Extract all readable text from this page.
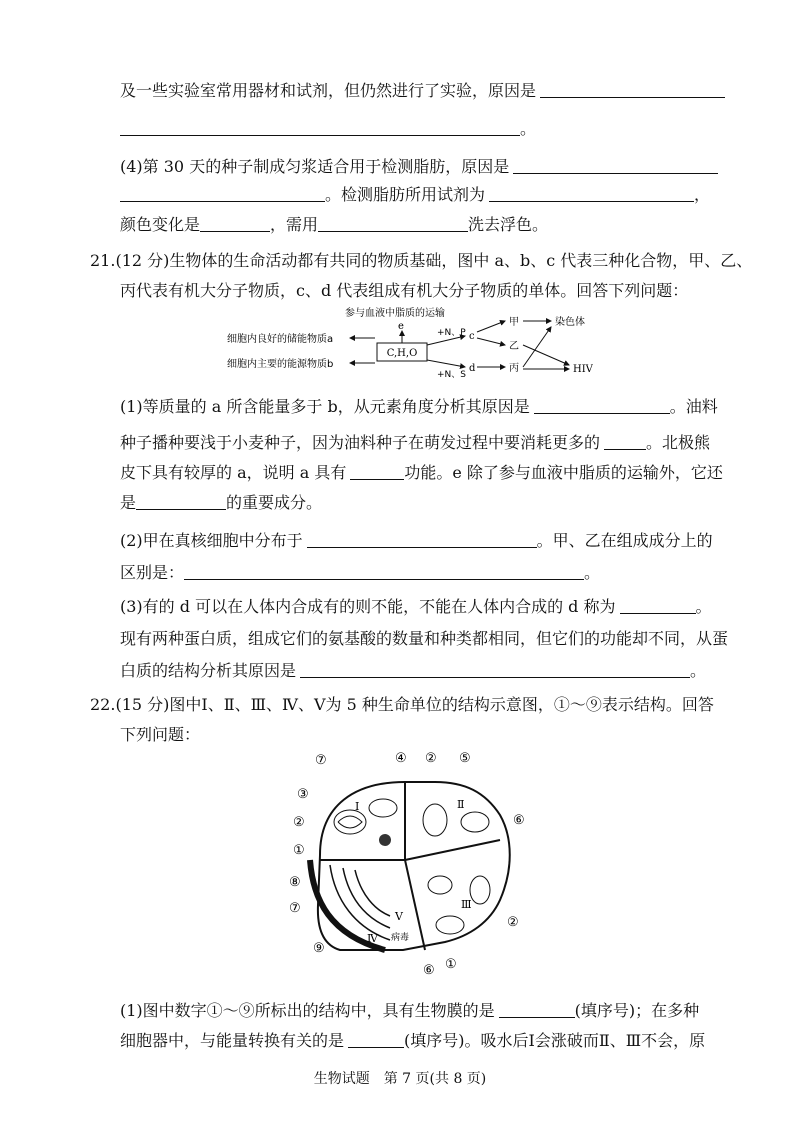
及一些实验室常用器材和试剂，但仍然进行了实验，原因是
。
(4)第 30 天的种子制成匀浆适合用于检测脂肪，原因是
。检测脂肪所用试剂为	，
颜色变化是	，需用	洗去浮色。
21.(12 分)生物体的生命活动都有共同的物质基础，图中 a、b、c 代表三种化合物，甲、乙、
丙代表有机大分子物质，c、d 代表组成有机大分子物质的单体。回答下列问题：
参与血液中脂质的运输
e
细胞内良好的储能物质a
细胞内主要的能源物质b
C,H,O
+N、P
+N、S
c
d
甲
乙
丙
染色体
HIV
(1)等质量的 a 所含能量多于 b，从元素角度分析其原因是	。油料
种子播种要浅于小麦种子，因为油料种子在萌发过程中要消耗更多的	。北极熊
皮下具有较厚的 a，说明 a 具有	功能。e 除了参与血液中脂质的运输外，它还
是	的重要成分。
(2)甲在真核细胞中分布于	。甲、乙在组成成分上的
区别是：	。
(3)有的 d 可以在人体内合成有的则不能，不能在人体内合成的 d 称为	。
现有两种蛋白质，组成它们的氨基酸的数量和种类都相同，但它们的功能却不同，从蛋
白质的结构分析其原因是	。
22.(15 分)图中Ⅰ、Ⅱ、Ⅲ、Ⅳ、Ⅴ为 5 种生命单位的结构示意图，①～⑨表示结构。回答
下列问题：
⑦	④ ② ⑤
③
Ⅰ	Ⅱ
②	⑥
①
⑧
⑦
⑨
Ⅳ
Ⅴ
病毒
Ⅲ
②
⑥ ①
(1)图中数字①～⑨所标出的结构中，具有生物膜的是	(填序号)；在多种
细胞器中，与能量转换有关的是	(填序号)。吸水后Ⅰ会涨破而Ⅱ、Ⅲ不会，原
生物试题　第 7 页(共 8 页)
